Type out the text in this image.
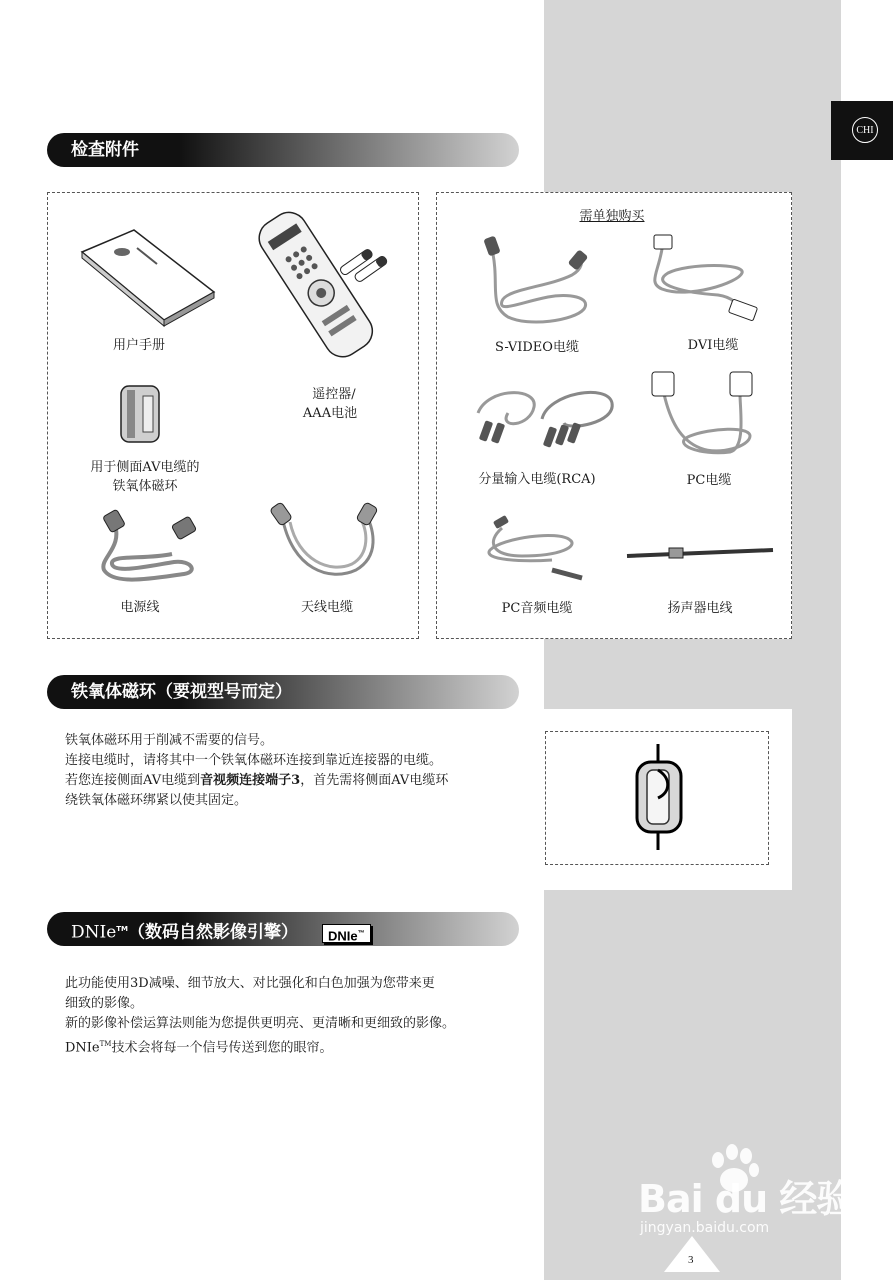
CHI
检查附件
用户手册
遥控器/
AAA电池
用于侧面AV电缆的
铁氧体磁环
电源线	天线电缆
需单独购买
S-VIDEO电缆	DVI电缆
分量输入电缆(RCA)	PC电缆
PC音频电缆	扬声器电线
铁氧体磁环（要视型号而定）

铁氧体磁环用于削减不需要的信号。

连接电缆时，请将其中一个铁氧体磁环连接到靠近连接器的电缆。

若您连接侧面AV电缆到音视频连接端子3，首先需将侧面AV电缆环

绕铁氧体磁环绑紧以使其固定。

DNIe™（数码自然影像引擎） DNIe™

此功能使用3D减噪、细节放大、对比强化和白色加强为您带来更

细致的影像。

新的影像补偿运算法则能为您提供更明亮、更清晰和更细致的影像。

DNIe™技术会将每一个信号传送到您的眼帘。

Bai du 经验
jingyan.baidu.com
3
